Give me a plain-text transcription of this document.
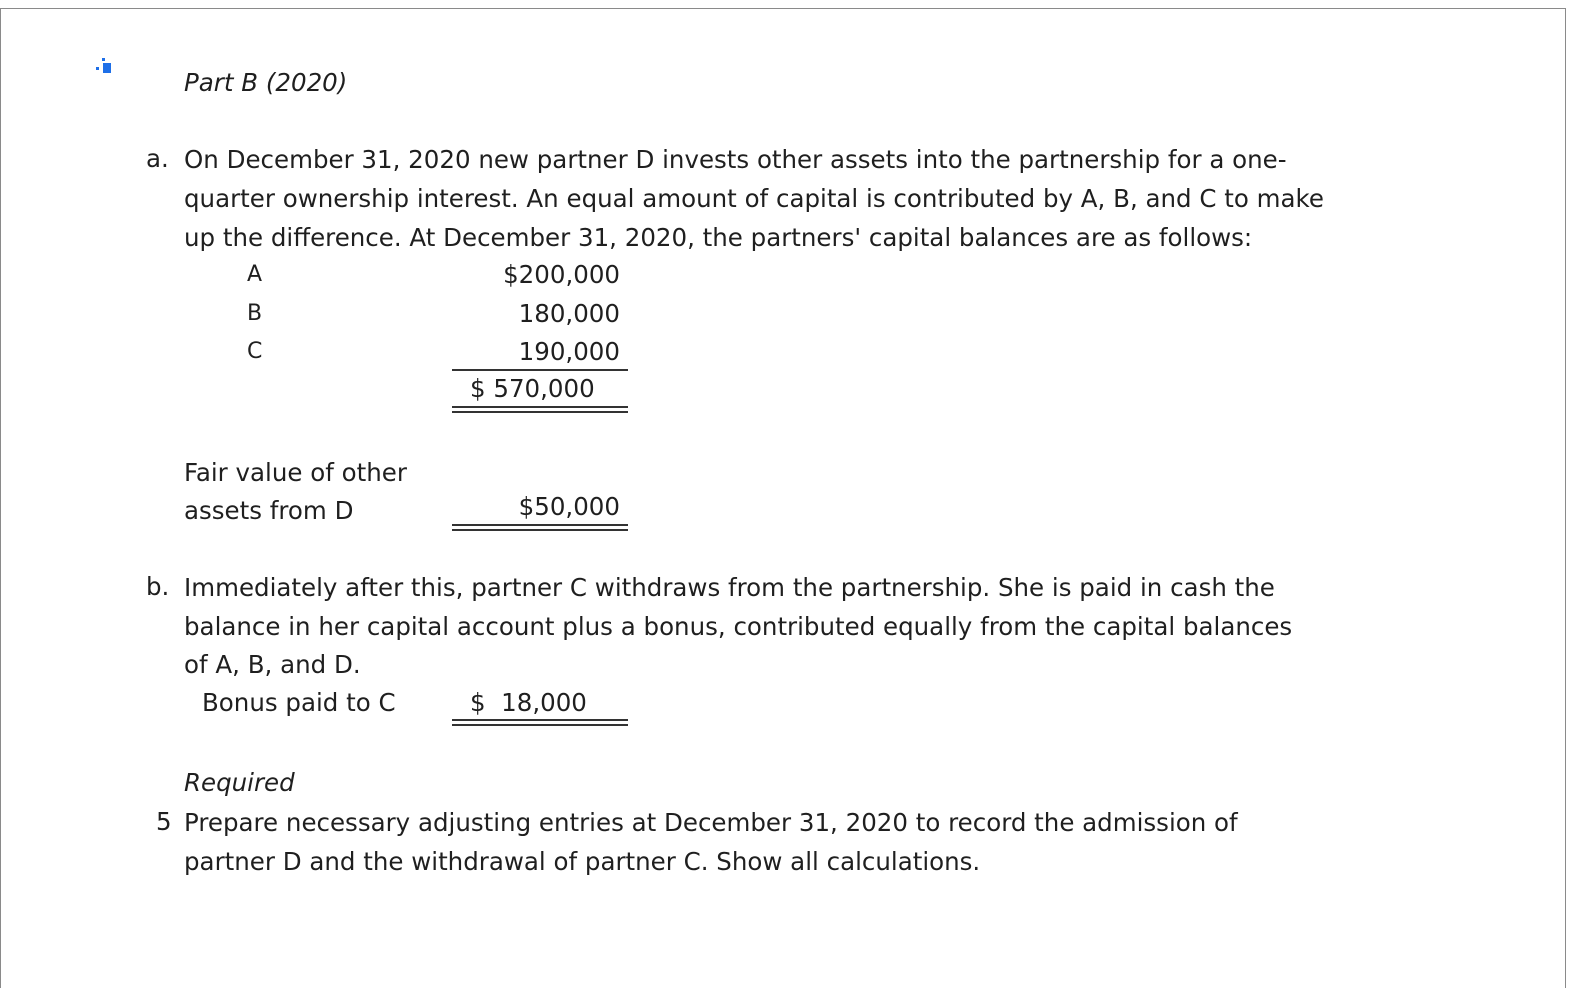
Part B (2020)
a. On December 31, 2020 new partner D invests other assets into the partnership for a one-
quarter ownership interest. An equal amount of capital is contributed by A, B, and C to make
up the difference. At December 31, 2020, the partners' capital balances are as follows:
A	$200,000
B	180,000
C	190,000
$ 570,000
Fair value of other
assets from D	$50,000
b. Immediately after this, partner C withdraws from the partnership. She is paid in cash the
balance in her capital account plus a bonus, contributed equally from the capital balances
of A, B, and D.
Bonus paid to C	$  18,000
Required
5 Prepare necessary adjusting entries at December 31, 2020 to record the admission of
partner D and the withdrawal of partner C. Show all calculations.
